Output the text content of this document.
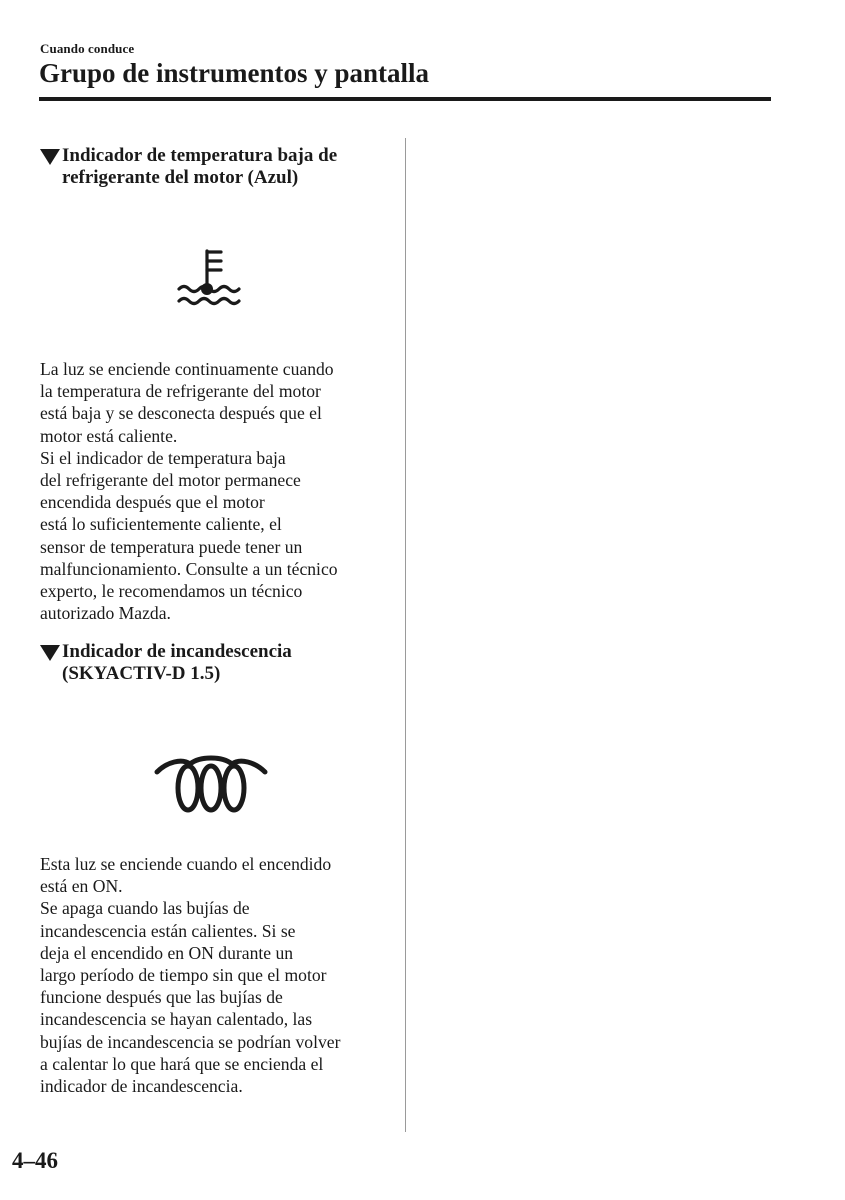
Cuando conduce
Grupo de instrumentos y pantalla
Indicador de temperatura baja de
refrigerante del motor (Azul)

La luz se enciende continuamente cuando
la temperatura de refrigerante del motor
está baja y se desconecta después que el
motor está caliente.
Si el indicador de temperatura baja
del refrigerante del motor permanece
encendida después que el motor
está lo suficientemente caliente, el
sensor de temperatura puede tener un
malfuncionamiento. Consulte a un técnico
experto, le recomendamos un técnico
autorizado Mazda.

Indicador de incandescencia
(SKYACTIV-D 1.5)

Esta luz se enciende cuando el encendido
está en ON.
Se apaga cuando las bujías de
incandescencia están calientes. Si se
deja el encendido en ON durante un
largo período de tiempo sin que el motor
funcione después que las bujías de
incandescencia se hayan calentado, las
bujías de incandescencia se podrían volver
a calentar lo que hará que se encienda el
indicador de incandescencia.

4–46
